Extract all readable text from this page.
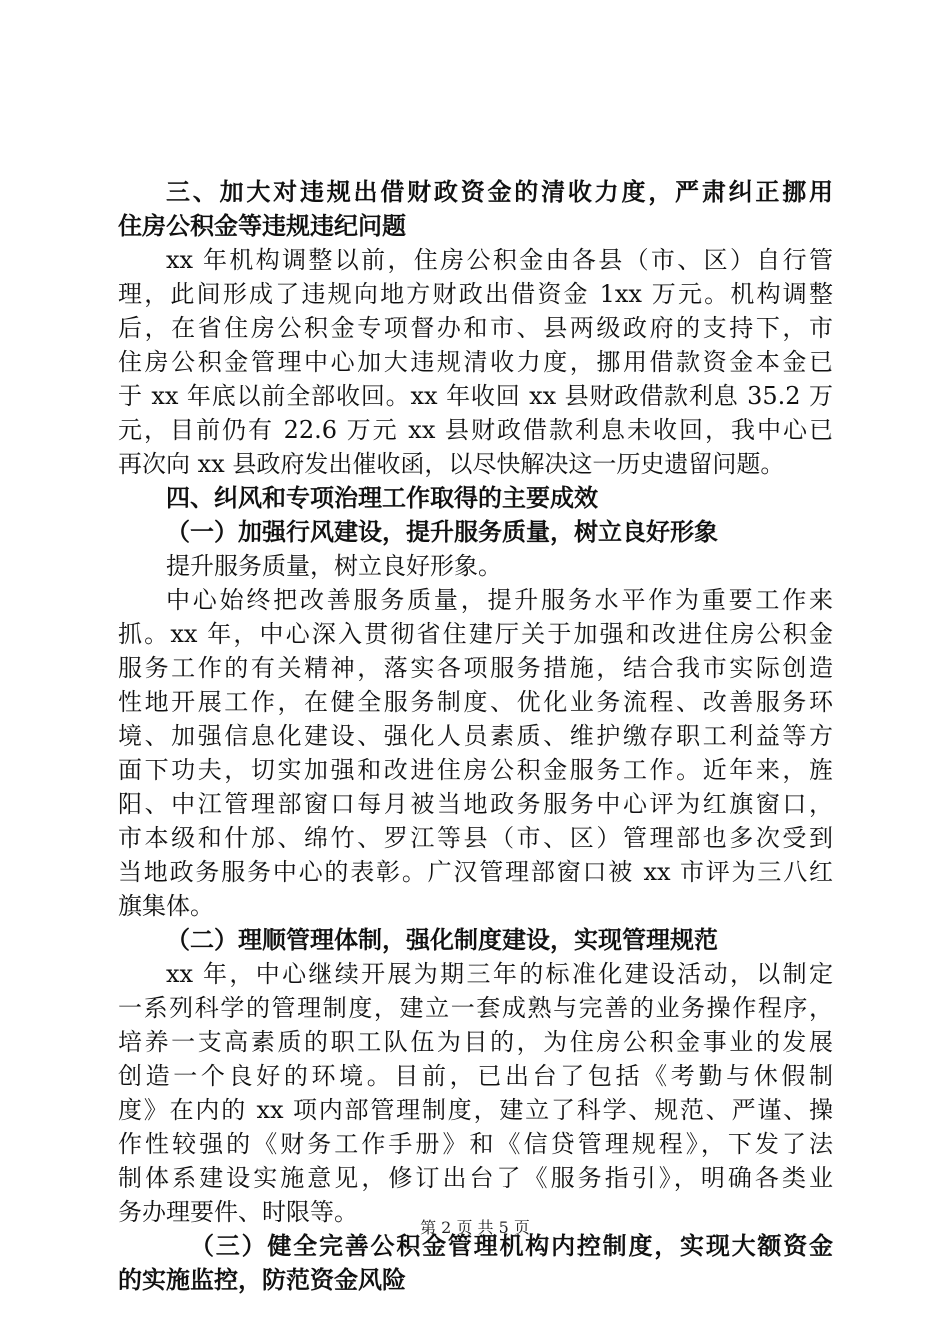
三、加大对违规出借财政资金的清收力度，严肃纠正挪用
住房公积金等违规违纪问题
xx 年机构调整以前，住房公积金由各县（市、区）自行管
理，此间形成了违规向地方财政出借资金 1xx 万元。机构调整
后，在省住房公积金专项督办和市、县两级政府的支持下，市
住房公积金管理中心加大违规清收力度，挪用借款资金本金已
于 xx 年底以前全部收回。xx 年收回 xx 县财政借款利息 35.2 万
元，目前仍有 22.6 万元 xx 县财政借款利息未收回，我中心已
再次向 xx 县政府发出催收函，以尽快解决这一历史遗留问题。
四、纠风和专项治理工作取得的主要成效
（一）加强行风建设，提升服务质量，树立良好形象
提升服务质量，树立良好形象。
中心始终把改善服务质量，提升服务水平作为重要工作来
抓。xx 年，中心深入贯彻省住建厅关于加强和改进住房公积金
服务工作的有关精神，落实各项服务措施，结合我市实际创造
性地开展工作，在健全服务制度、优化业务流程、改善服务环
境、加强信息化建设、强化人员素质、维护缴存职工利益等方
面下功夫，切实加强和改进住房公积金服务工作。近年来，旌
阳、中江管理部窗口每月被当地政务服务中心评为红旗窗口，
市本级和什邡、绵竹、罗江等县（市、区）管理部也多次受到
当地政务服务中心的表彰。广汉管理部窗口被 xx 市评为三八红
旗集体。
（二）理顺管理体制，强化制度建设，实现管理规范
xx 年，中心继续开展为期三年的标准化建设活动，以制定
一系列科学的管理制度，建立一套成熟与完善的业务操作程序，
培养一支高素质的职工队伍为目的，为住房公积金事业的发展
创造一个良好的环境。目前，已出台了包括《考勤与休假制
度》在内的 xx 项内部管理制度，建立了科学、规范、严谨、操
作性较强的《财务工作手册》和《信贷管理规程》，下发了法
制体系建设实施意见，修订出台了《服务指引》，明确各类业
务办理要件、时限等。
（三）健全完善公积金管理机构内控制度，实现大额资金
的实施监控，防范资金风险
第 2 页 共 5 页
